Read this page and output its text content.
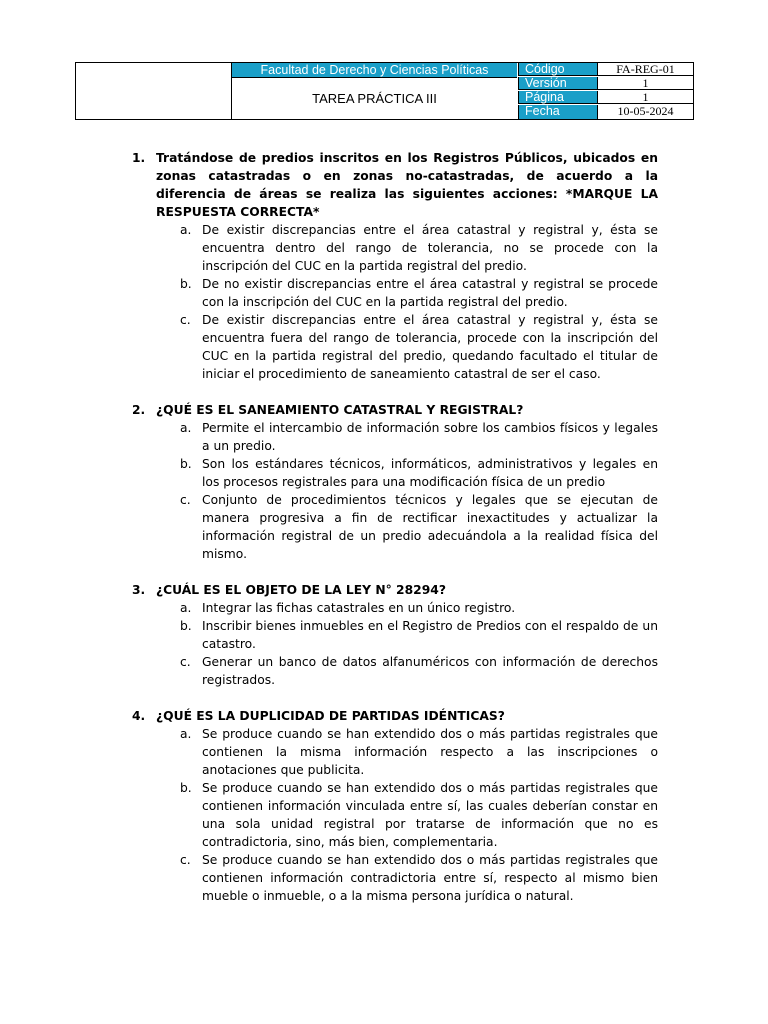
Facultad de Derecho y Ciencias Políticas
TAREA PRÁCTICA III
Código	FA-REG-01
Versión	1
Página	1
Fecha	10-05-2024
1. Tratándose de predios inscritos en los Registros Públicos, ubicados en zonas catastradas o en zonas no-catastradas, de acuerdo a la diferencia de áreas se realiza las siguientes acciones: *MARQUE LA RESPUESTA CORRECTA*
a. De existir discrepancias entre el área catastral y registral y, ésta se encuentra dentro del rango de tolerancia, no se procede con la inscripción del CUC en la partida registral del predio.
b. De no existir discrepancias entre el área catastral y registral se procede con la inscripción del CUC en la partida registral del predio.
c. De existir discrepancias entre el área catastral y registral y, ésta se encuentra fuera del rango de tolerancia, procede con la inscripción del CUC en la partida registral del predio, quedando facultado el titular de iniciar el procedimiento de saneamiento catastral de ser el caso.
2. ¿QUÉ ES EL SANEAMIENTO CATASTRAL Y REGISTRAL?
a. Permite el intercambio de información sobre los cambios físicos y legales a un predio.
b. Son los estándares técnicos, informáticos, administrativos y legales en los procesos registrales para una modificación física de un predio
c. Conjunto de procedimientos técnicos y legales que se ejecutan de manera progresiva a fin de rectificar inexactitudes y actualizar la información registral de un predio adecuándola a la realidad física del mismo.
3. ¿CUÁL ES EL OBJETO DE LA LEY N° 28294?
a. Integrar las fichas catastrales en un único registro.
b. Inscribir bienes inmuebles en el Registro de Predios con el respaldo de un catastro.
c. Generar un banco de datos alfanuméricos con información de derechos registrados.
4. ¿QUÉ ES LA DUPLICIDAD DE PARTIDAS IDÉNTICAS?
a. Se produce cuando se han extendido dos o más partidas registrales que contienen la misma información respecto a las inscripciones o anotaciones que publicita.
b. Se produce cuando se han extendido dos o más partidas registrales que contienen información vinculada entre sí, las cuales deberían constar en una sola unidad registral por tratarse de información que no es contradictoria, sino, más bien, complementaria.
c. Se produce cuando se han extendido dos o más partidas registrales que contienen información contradictoria entre sí, respecto al mismo bien mueble o inmueble, o a la misma persona jurídica o natural.
